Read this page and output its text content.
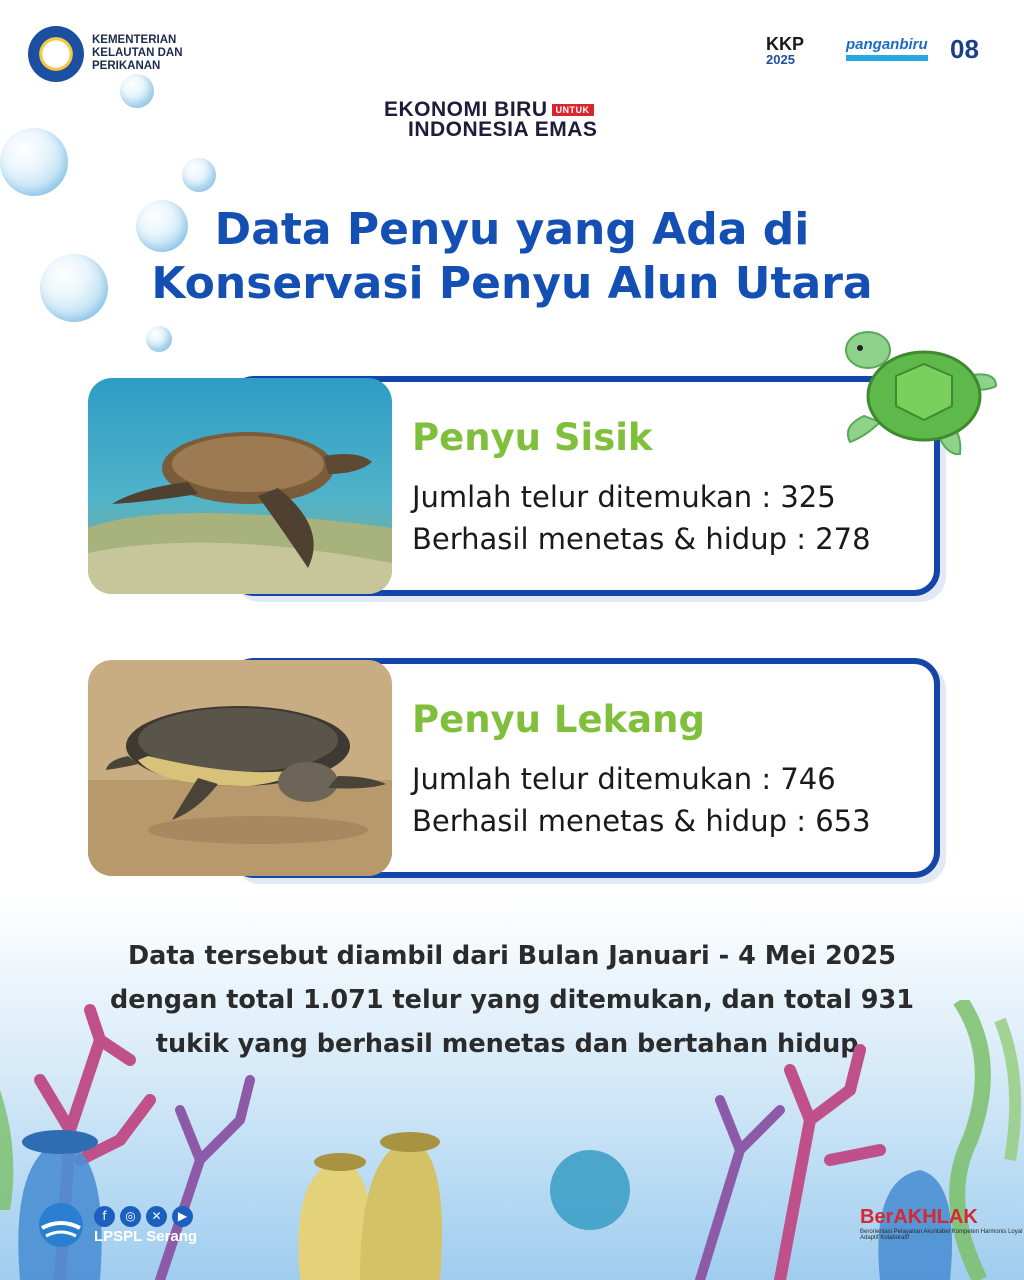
KEMENTERIAN KELAUTAN DAN PERIKANAN
KKP
2025
panganbiru 08
EKONOMI BIRU UNTUK
INDONESIA EMAS
Data Penyu yang Ada di
Konservasi Penyu Alun Utara
Penyu Sisik
Jumlah telur ditemukan : 325
Berhasil menetas & hidup : 278
Penyu Lekang
Jumlah telur ditemukan : 746
Berhasil menetas & hidup : 653
Data tersebut diambil dari Bulan Januari - 4 Mei 2025
dengan total 1.071 telur yang ditemukan, dan total 931
tukik yang berhasil menetas dan bertahan hidup.
f	◎	✕	▶
LPSPL Serang
BerAKHLAK
Berorientasi Pelayanan Akuntabel Kompeten Harmonis Loyal Adaptif Kolaboratif
